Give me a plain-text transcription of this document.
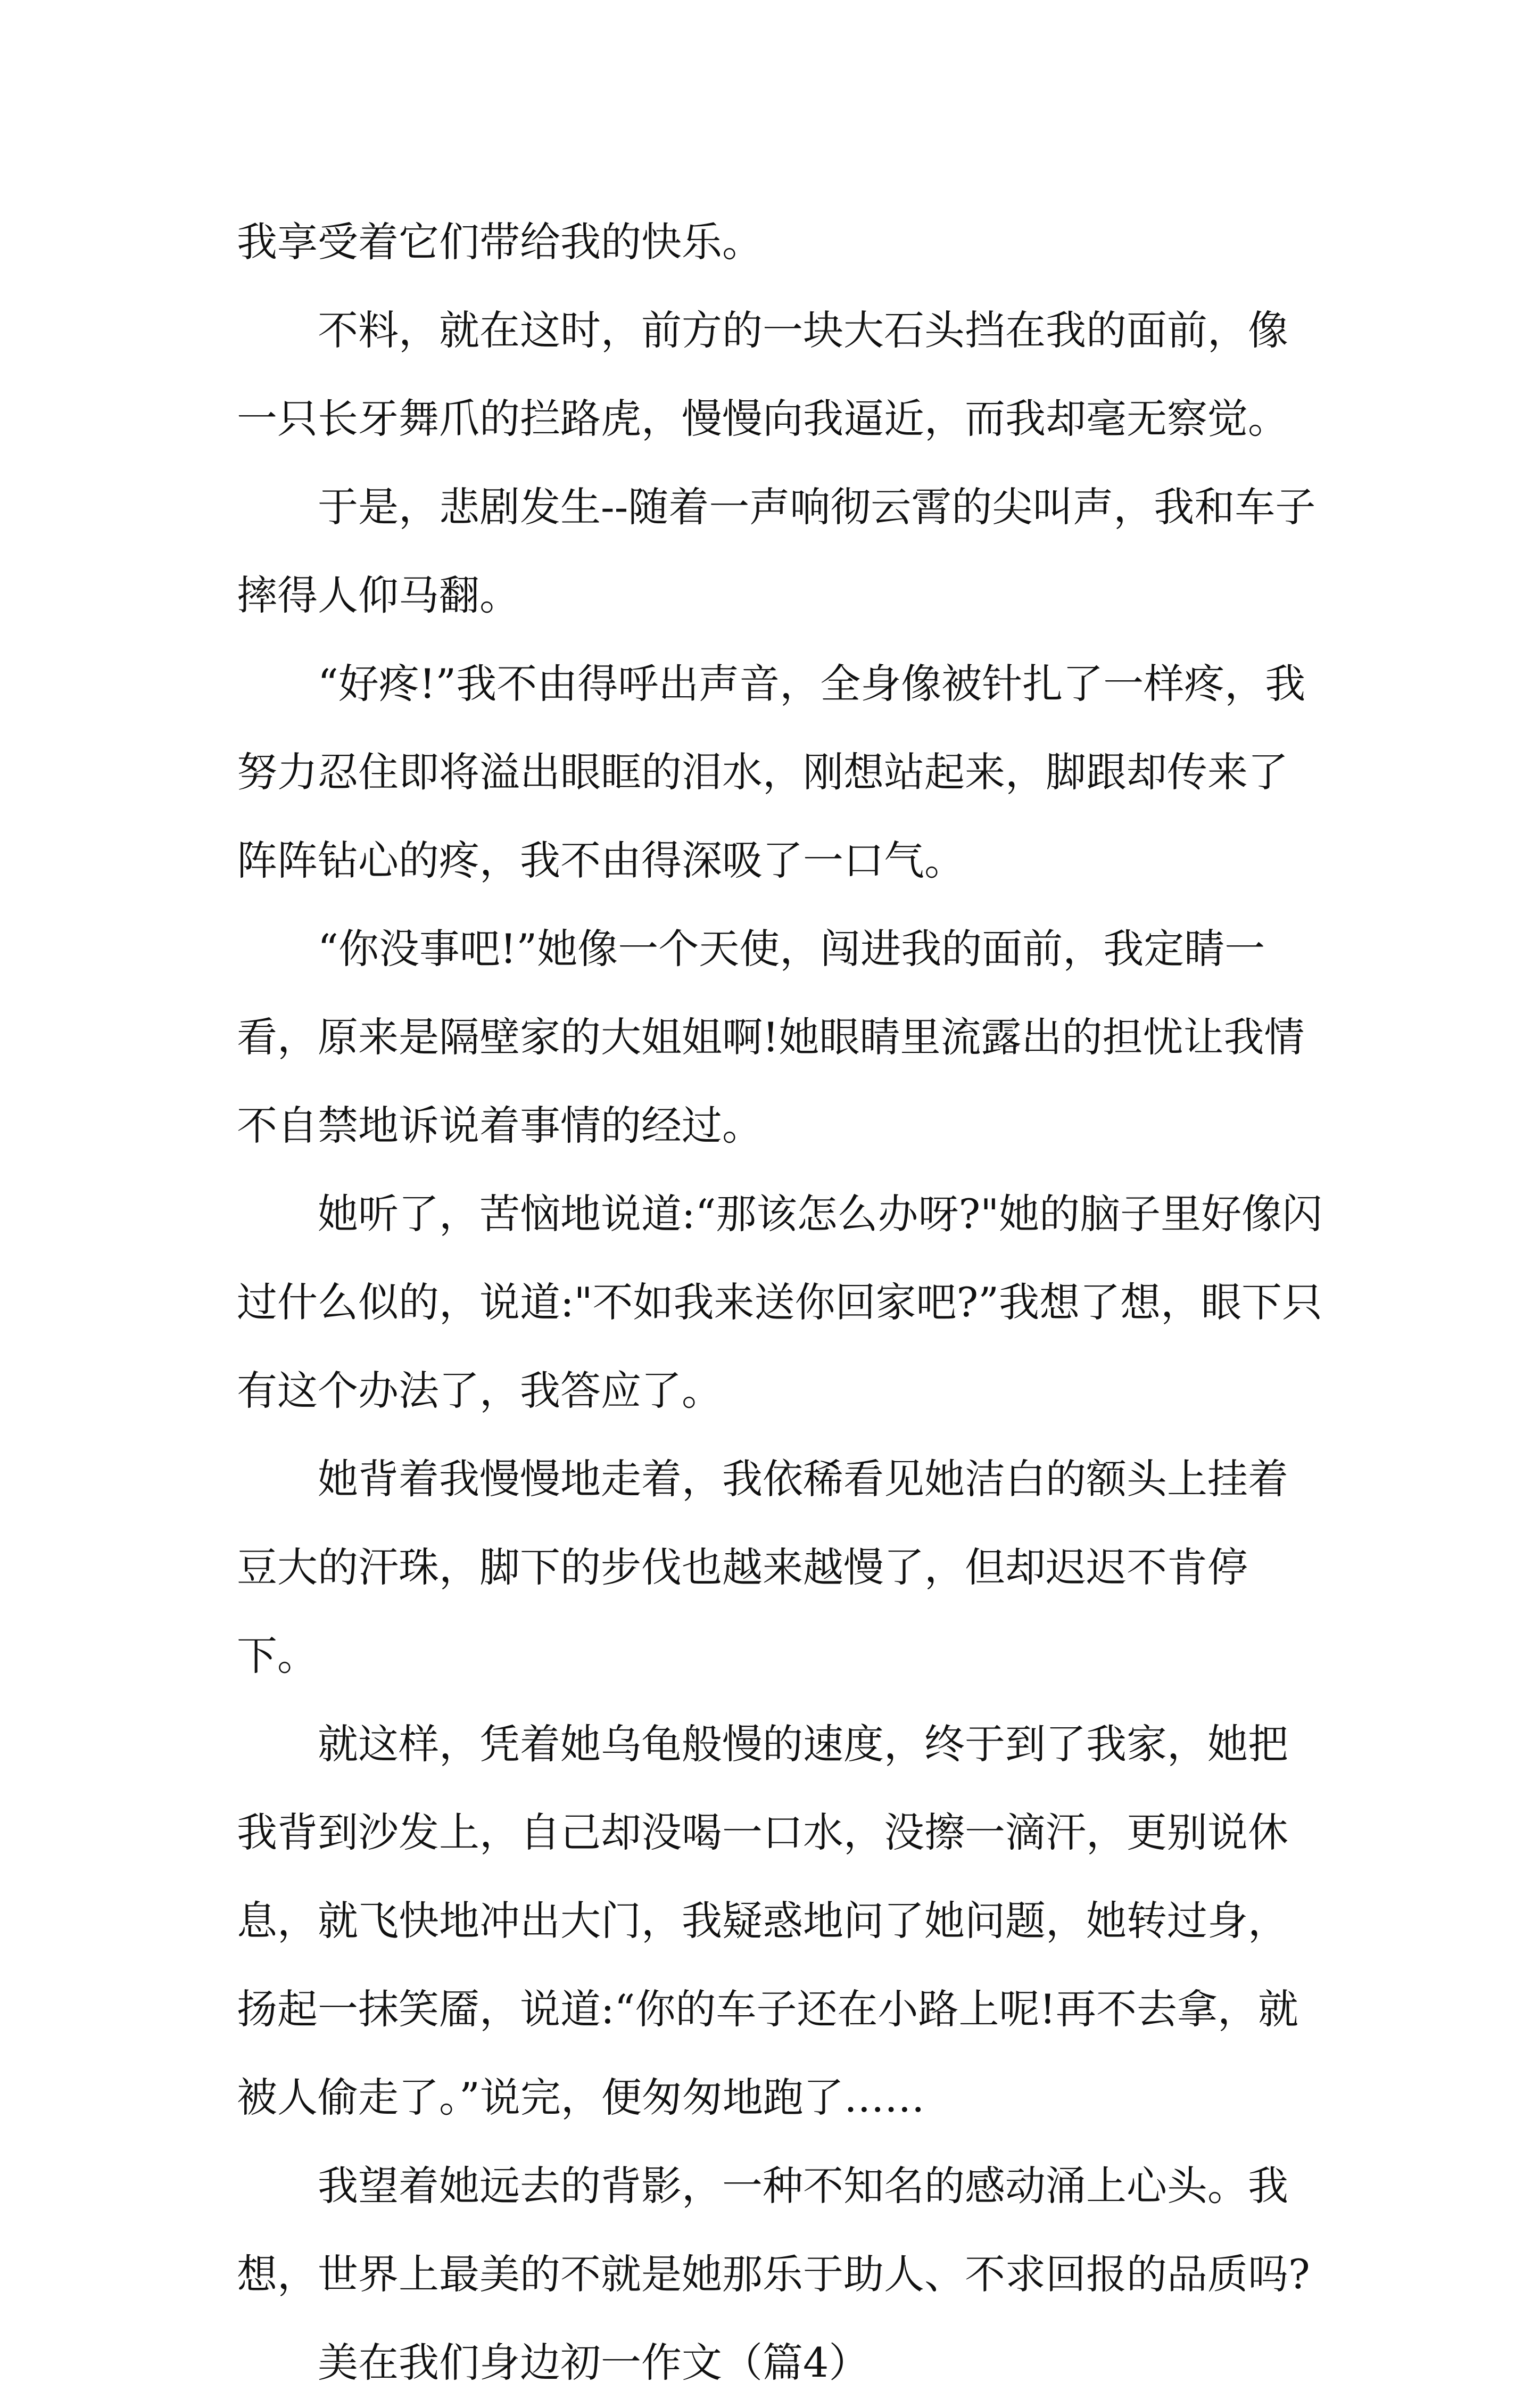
我享受着它们带给我的快乐。

不料，就在这时，前方的一块大石头挡在我的面前，像一只长牙舞爪的拦路虎，慢慢向我逼近，而我却毫无察觉。

于是，悲剧发生--随着一声响彻云霄的尖叫声，我和车子摔得人仰马翻。

“好疼!”我不由得呼出声音，全身像被针扎了一样疼，我努力忍住即将溢出眼眶的泪水，刚想站起来，脚跟却传来了阵阵钻心的疼，我不由得深吸了一口气。

“你没事吧!”她像一个天使，闯进我的面前，我定睛一看，原来是隔壁家的大姐姐啊!她眼睛里流露出的担忧让我情不自禁地诉说着事情的经过。

她听了，苦恼地说道:“那该怎么办呀?"她的脑子里好像闪过什么似的，说道:"不如我来送你回家吧?”我想了想，眼下只有这个办法了，我答应了。

她背着我慢慢地走着，我依稀看见她洁白的额头上挂着豆大的汗珠，脚下的步伐也越来越慢了，但却迟迟不肯停下。

就这样，凭着她乌龟般慢的速度，终于到了我家，她把我背到沙发上，自己却没喝一口水，没擦一滴汗，更别说休息，就飞快地冲出大门，我疑惑地问了她问题，她转过身，扬起一抹笑靥，说道:“你的车子还在小路上呢!再不去拿，就被人偷走了。”说完，便匆匆地跑了……

我望着她远去的背影，一种不知名的感动涌上心头。我想，世界上最美的不就是她那乐于助人、不求回报的品质吗?

美在我们身边初一作文（篇4）
